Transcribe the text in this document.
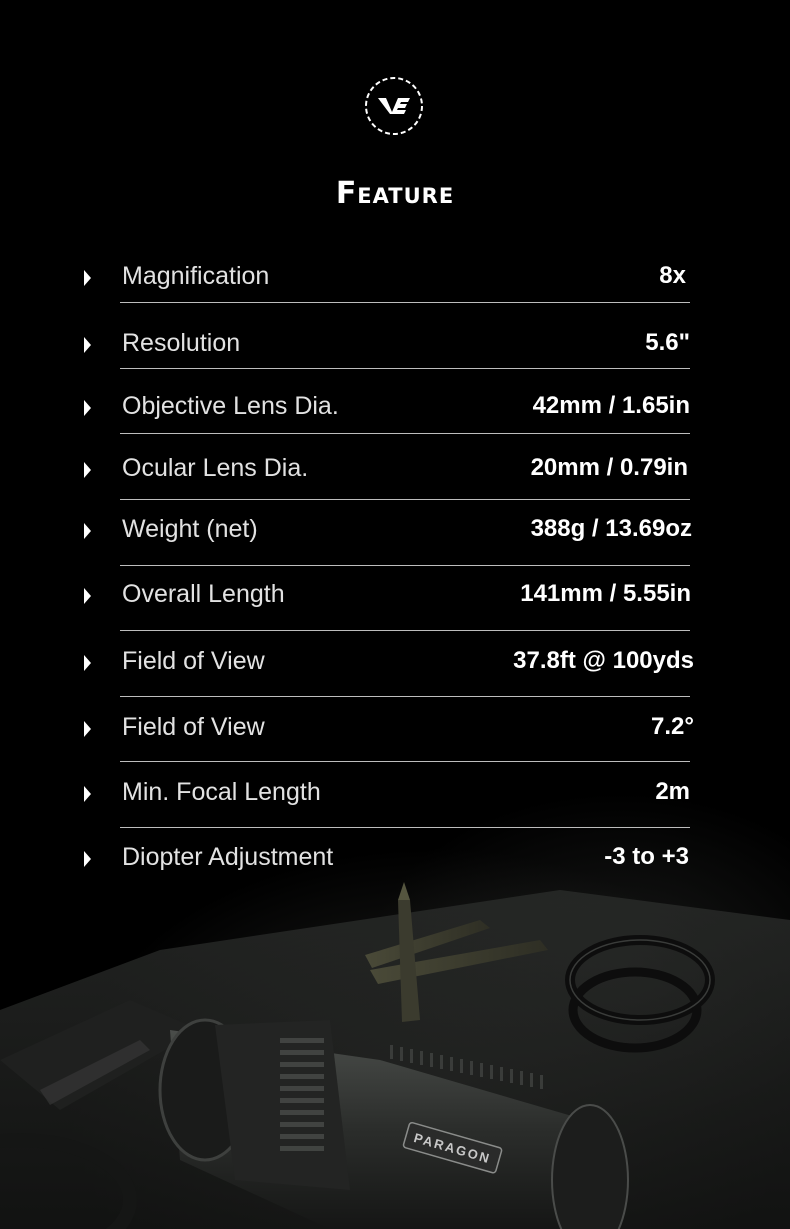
PARAGON
Feature
Magnification	8x
Resolution	5.6"
Objective Lens Dia.	42mm / 1.65in
Ocular Lens Dia.	20mm / 0.79in
Weight (net)	388g / 13.69oz
Overall Length	141mm / 5.55in
Field of View	37.8ft @ 100yds
Field of View	7.2°
Min. Focal Length	2m
Diopter Adjustment	-3 to +3
